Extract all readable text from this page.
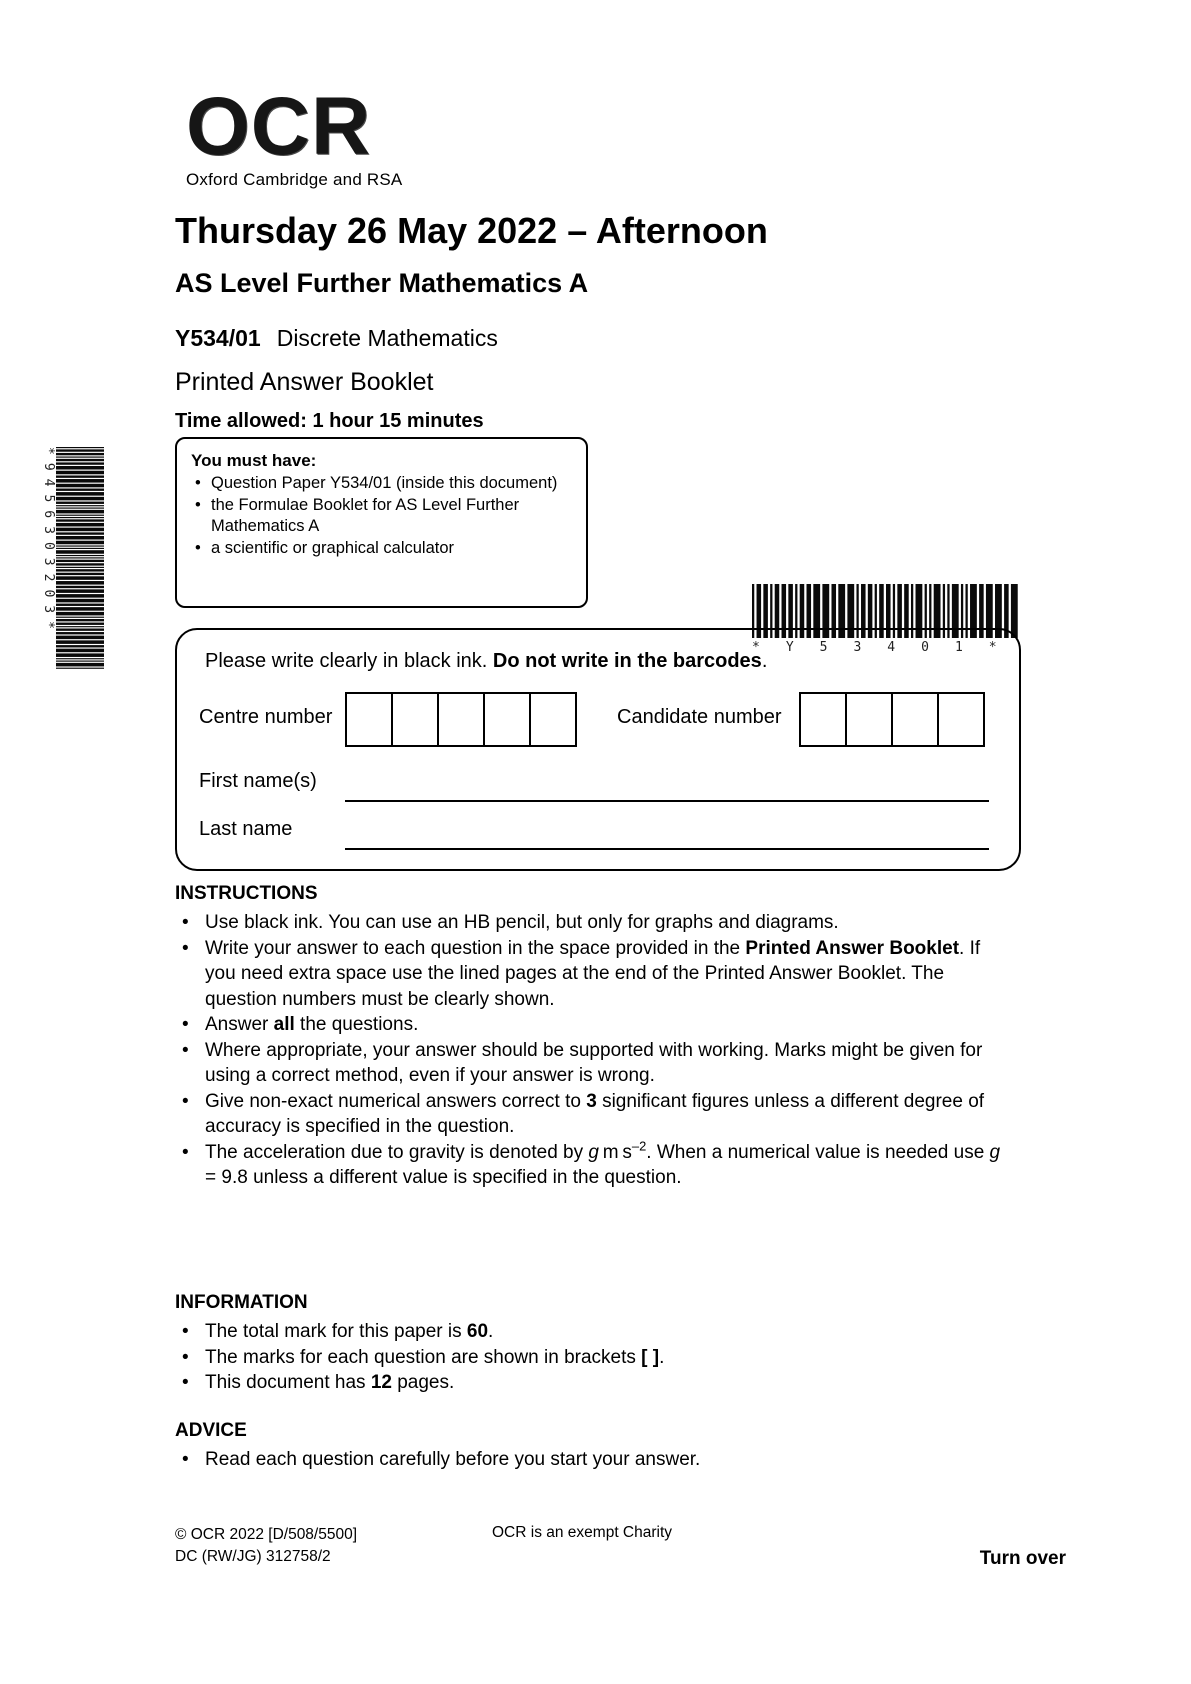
*9456303203*
OCR
Oxford Cambridge and RSA
Thursday 26 May 2022 – Afternoon
AS Level Further Mathematics A
Y534/01 Discrete Mathematics
Printed Answer Booklet
Time allowed: 1 hour 15 minutes
You must have:
• Question Paper Y534/01 (inside this document)
• the Formulae Booklet for AS Level Further Mathematics A
• a scientific or graphical calculator
*Y53401*
Please write clearly in black ink. Do not write in the barcodes.
Centre number	Candidate number
First name(s)
Last name
INSTRUCTIONS
• Use black ink. You can use an HB pencil, but only for graphs and diagrams.
• Write your answer to each question in the space provided in the Printed Answer Booklet. If you need extra space use the lined pages at the end of the Printed Answer Booklet. The question numbers must be clearly shown.
• Answer all the questions.
• Where appropriate, your answer should be supported with working. Marks might be given for using a correct method, even if your answer is wrong.
• Give non-exact numerical answers correct to 3 significant figures unless a different degree of accuracy is specified in the question.
• The acceleration due to gravity is denoted by g m $s^{-2}$. When a numerical value is needed use g = 9.8 unless a different value is specified in the question.
INFORMATION
• The total mark for this paper is 60.
• The marks for each question are shown in brackets [ ].
• This document has 12 pages.
ADVICE
• Read each question carefully before you start your answer.
© OCR 2022 [D/508/5500]
DC (RW/JG) 312758/2
OCR is an exempt Charity
Turn over
